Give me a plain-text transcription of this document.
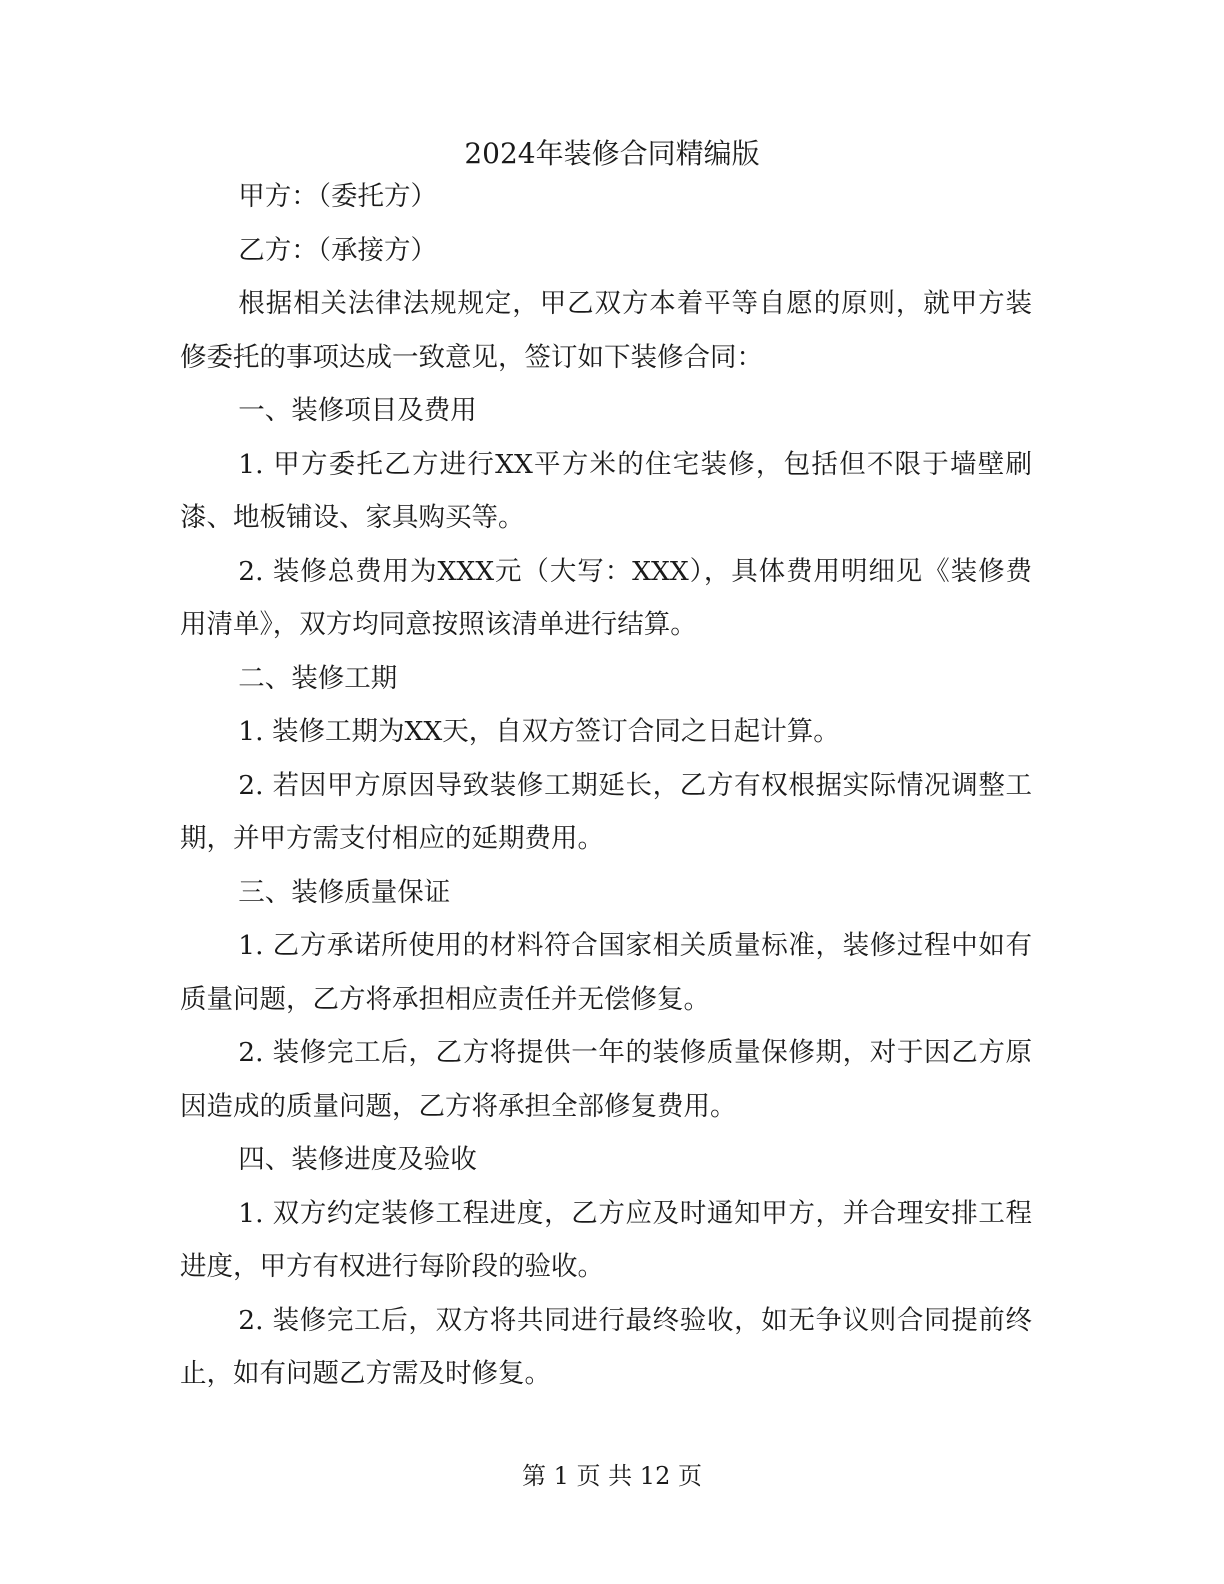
2024年装修合同精编版

甲方：（委托方）

乙方：（承接方）

根据相关法律法规规定，甲乙双方本着平等自愿的原则，就甲方装修委托的事项达成一致意见，签订如下装修合同：

一、装修项目及费用

1. 甲方委托乙方进行XX平方米的住宅装修，包括但不限于墙壁刷漆、地板铺设、家具购买等。

2. 装修总费用为XXX元（大写：XXX），具体费用明细见《装修费用清单》，双方均同意按照该清单进行结算。

二、装修工期

1. 装修工期为XX天，自双方签订合同之日起计算。

2. 若因甲方原因导致装修工期延长，乙方有权根据实际情况调整工期，并甲方需支付相应的延期费用。

三、装修质量保证

1. 乙方承诺所使用的材料符合国家相关质量标准，装修过程中如有质量问题，乙方将承担相应责任并无偿修复。

2. 装修完工后，乙方将提供一年的装修质量保修期，对于因乙方原因造成的质量问题，乙方将承担全部修复费用。

四、装修进度及验收

1. 双方约定装修工程进度，乙方应及时通知甲方，并合理安排工程进度，甲方有权进行每阶段的验收。

2. 装修完工后，双方将共同进行最终验收，如无争议则合同提前终止，如有问题乙方需及时修复。

第 1 页 共 12 页
